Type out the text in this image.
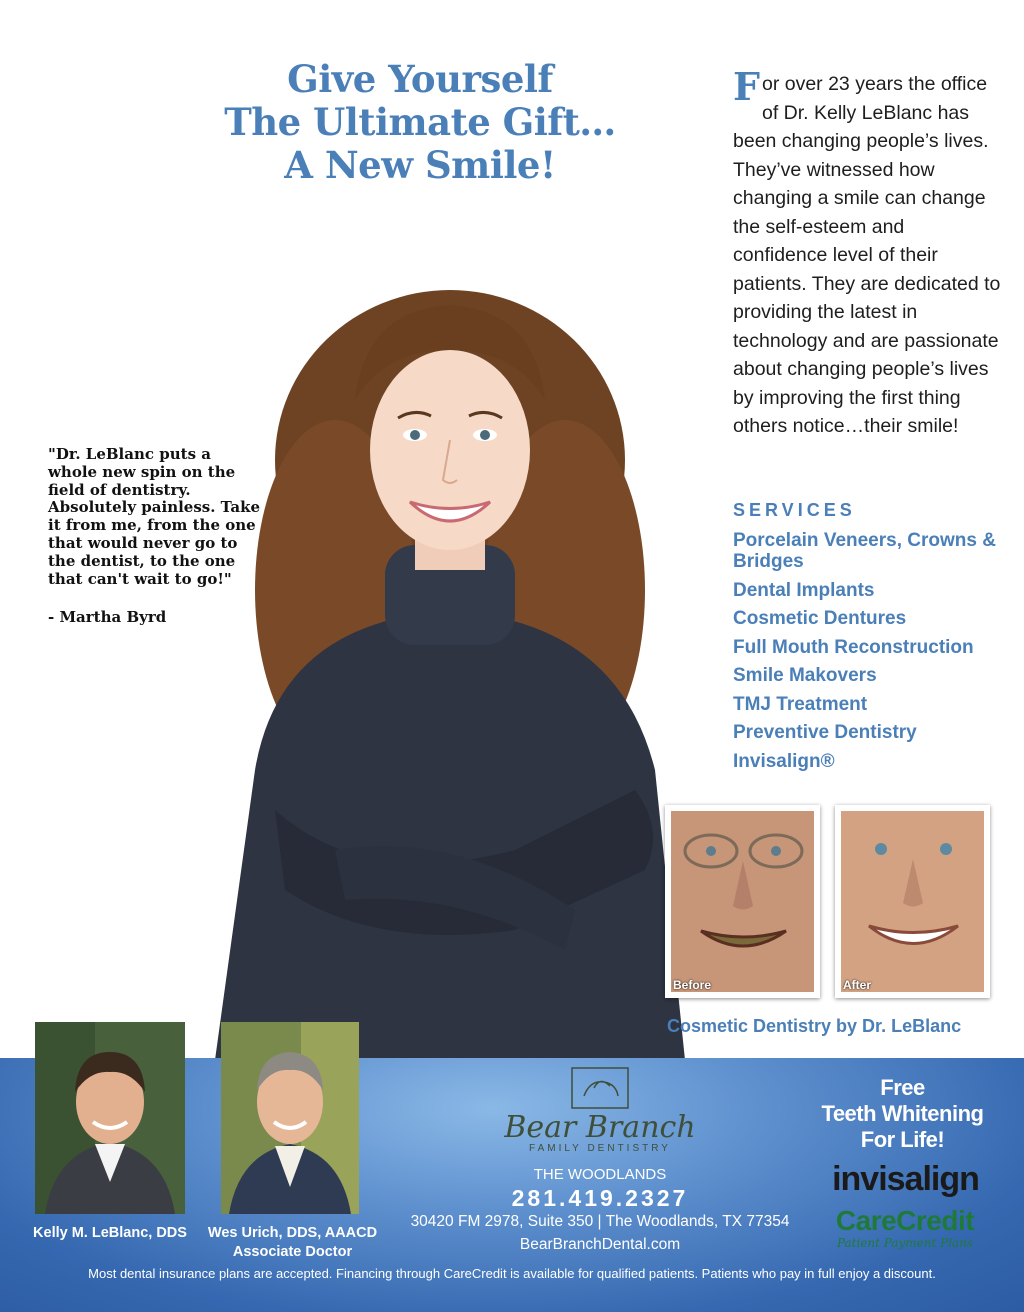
Give Yourself
The Ultimate Gift…
A New Smile!
For over 23 years the office of Dr. Kelly LeBlanc has been changing people’s lives. They’ve witnessed how changing a smile can change the self-esteem and confidence level of their patients. They are dedicated to providing the latest in technology and are passionate about changing people’s lives by improving the first thing others notice…their smile!
SERVICES
Porcelain Veneers, Crowns & Bridges
Dental Implants
Cosmetic Dentures
Full Mouth Reconstruction
Smile Makovers
TMJ Treatment
Preventive Dentistry
Invisalign®
"Dr. LeBlanc puts a whole new spin on the field of dentistry. Absolutely painless. Take it from me, from the one that would never go to the dentist, to the one that can't wait to go!"
- Martha Byrd
Before	After
Cosmetic Dentistry by Dr. LeBlanc
Kelly M. LeBlanc, DDS	Wes Urich, DDS, AAACD
Associate Doctor
Bear Branch
FAMILY DENTISTRY
THE WOODLANDS
281.419.2327
30420 FM 2978, Suite 350 | The Woodlands, TX 77354
BearBranchDental.com
Free
Teeth Whitening
For Life!
invisalign
CareCredit
Patient Payment Plans
Most dental insurance plans are accepted. Financing through CareCredit is available for qualified patients. Patients who pay in full enjoy a discount.
